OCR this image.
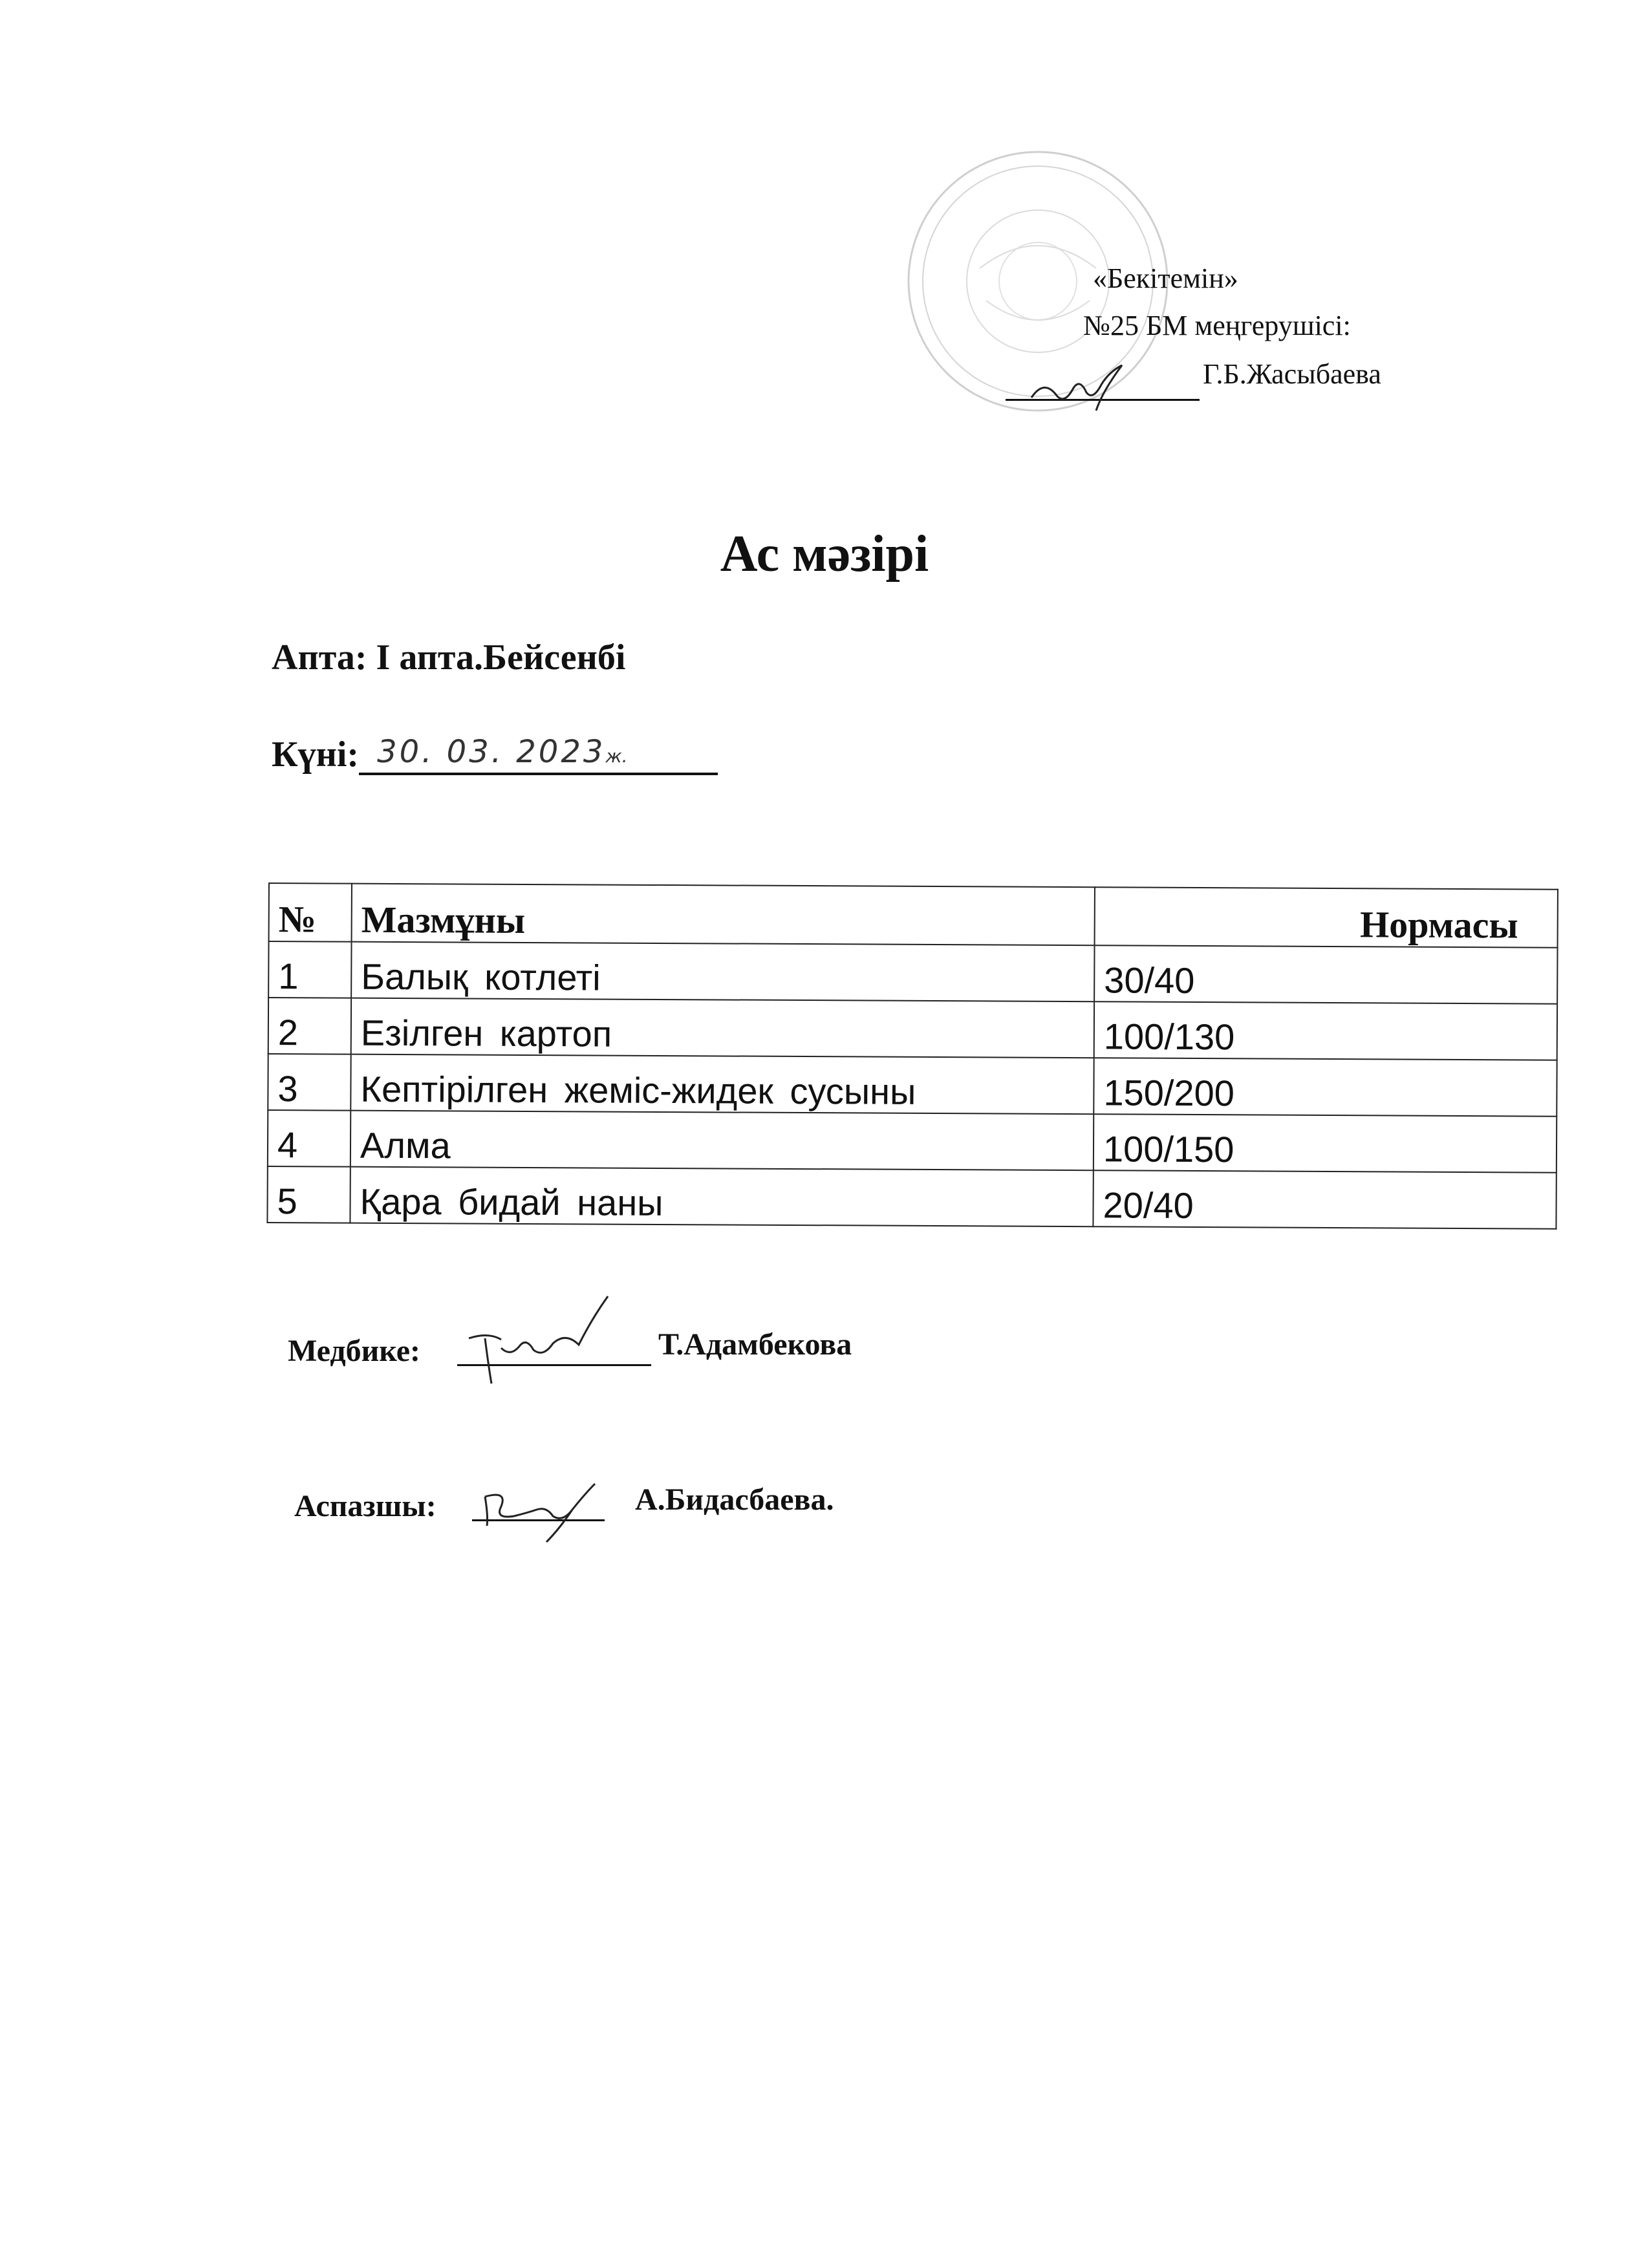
«Бекітемін»
№25 БМ меңгерушісі:
Г.Б.Жасыбаева
Ас мәзірі
Апта: І апта.Бейсенбі
Күні: 30. 03. 2023ж.
№	Мазмұны	Нормасы
1	Балық котлеті	30/40
2	Езілген картоп	100/130
3	Кептірілген жеміс-жидек сусыны	150/200
4	Алма	100/150
5	Қара бидай наны	20/40
Медбике:	Т.Адамбекова
Аспазшы:	А.Бидасбаева.
